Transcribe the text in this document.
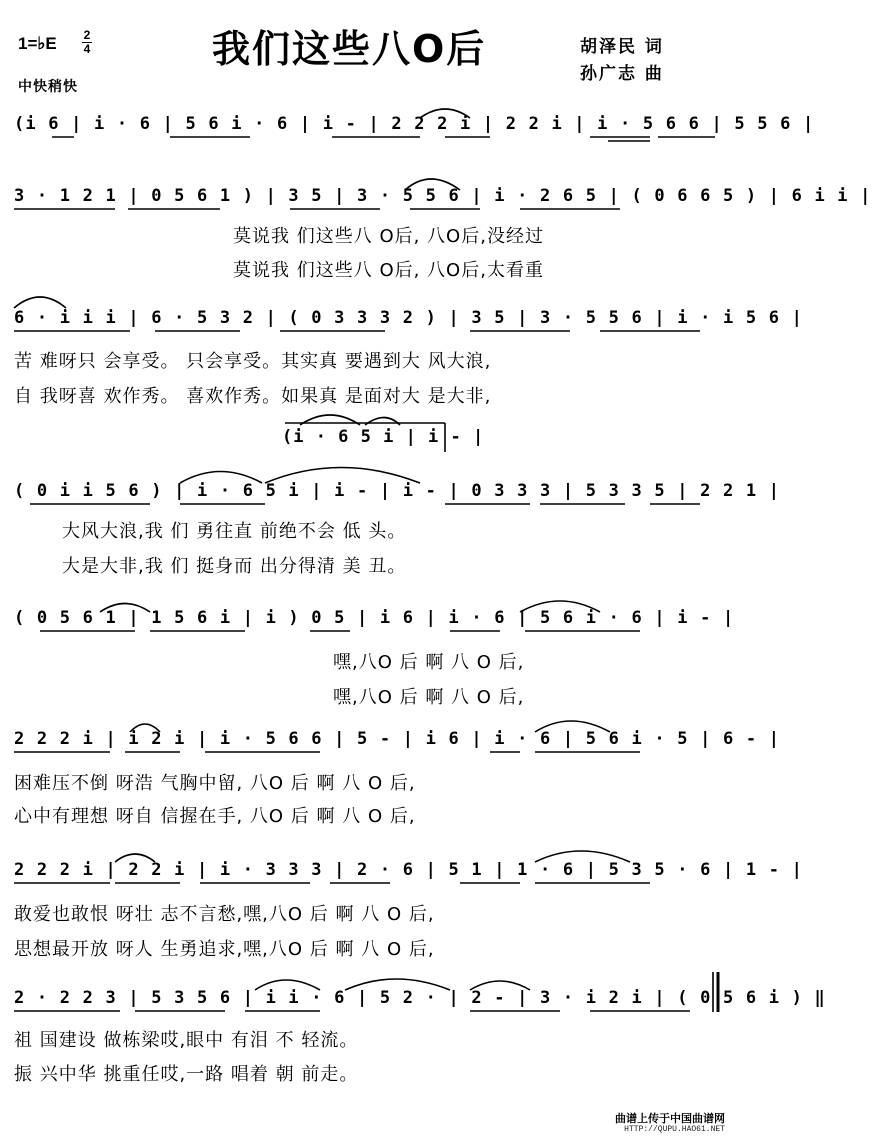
1=♭E 2
4
中快稍快
我们这些八O后	胡泽民 词
孙广志 曲
(i 6 | i · 6 | 5 6 i · 6 | i - | 2 2 2 i | 2 2 i | i · 5 6 6 | 5 5 6 |
3 · 1 2 1 | 0 5 6 1 ) | 3 5 | 3 · 5 5 6 | i · 2 6 5 | ( 0 6 6 5 ) | 6 i i |
莫说我 们这些八 O后, 八O后,没经过
莫说我 们这些八 O后, 八O后,太看重
6 · i i i | 6 · 5 3 2 | ( 0 3 3 3 2 ) | 3 5 | 3 · 5 5 6 | i · i 5 6 |
苦 难呀只 会享受。 只会享受。其实真 要遇到大 风大浪,
自 我呀喜 欢作秀。 喜欢作秀。如果真 是面对大 是大非,
(i · 6 5 i | i - |
( 0 i i 5 6 ) | i · 6 5 i | i - | i - | 0 3 3 3 | 5 3 3 5 | 2 2 1 |
大风大浪,我 们 勇往直 前绝不会 低 头。
大是大非,我 们 挺身而 出分得清 美 丑。
( 0 5 6 1 | 1 5 6 i | i ) 0 5 | i 6 | i · 6 | 5 6 i · 6 | i - |
嘿,八O 后 啊 八 O 后,
嘿,八O 后 啊 八 O 后,
2 2 2 i | i 2 i | i · 5 6 6 | 5 - | i 6 | i · 6 | 5 6 i · 5 | 6 - |
困难压不倒 呀浩 气胸中留, 八O 后 啊 八 O 后,
心中有理想 呀自 信握在手, 八O 后 啊 八 O 后,
2 2 2 i | 2 2 i | i · 3 3 3 | 2 · 6 | 5 1 | 1 · 6 | 5 3 5 · 6 | 1 - |
敢爱也敢恨 呀壮 志不言愁,嘿,八O 后 啊 八 O 后,
思想最开放 呀人 生勇追求,嘿,八O 后 啊 八 O 后,
2 · 2 2 3 | 5 3 5 6 | i i · 6 | 5 2 · | 2 - | 3 · i 2 i | ( 0 5 6 i ) ‖
祖 国建设 做栋梁哎,眼中 有泪 不 轻流。
振 兴中华 挑重任哎,一路 唱着 朝 前走。
曲谱上传于中国曲谱网
HTTP://QUPU.HAO61.NET
